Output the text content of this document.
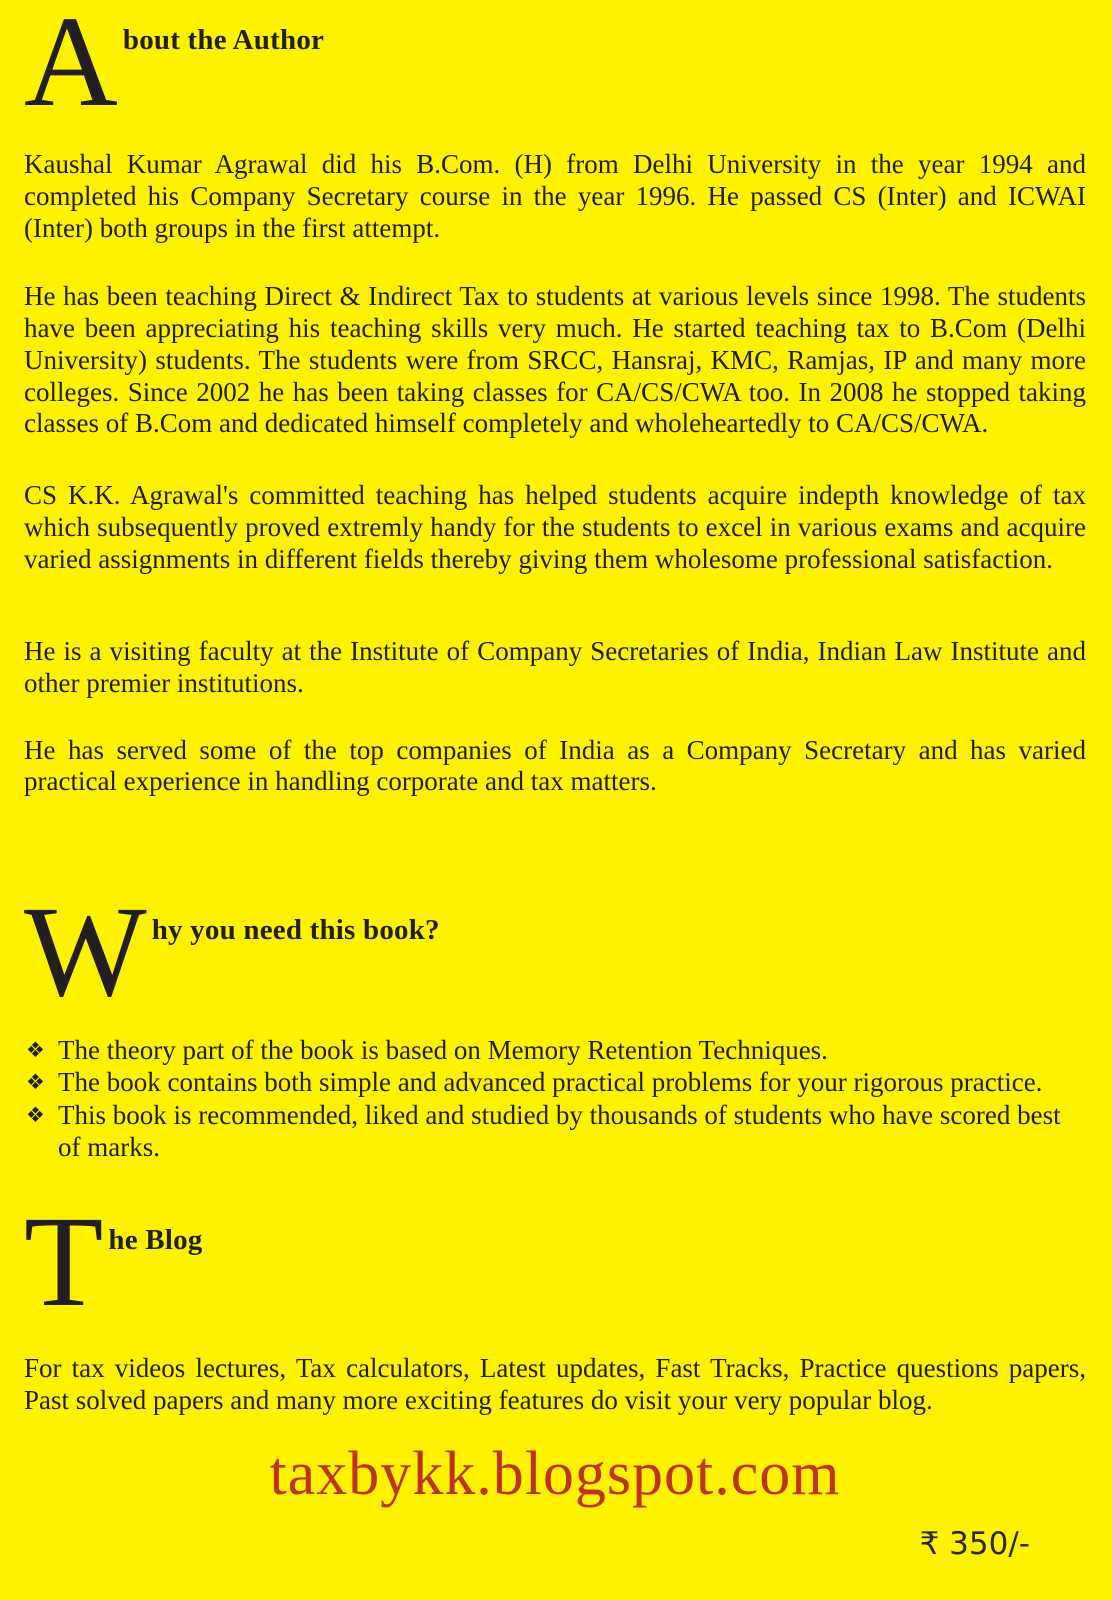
A bout the Author

Kaushal Kumar Agrawal did his B.Com. (H) from Delhi University in the year 1994 and completed his Company Secretary course in the year 1996. He passed CS (Inter) and ICWAI (Inter) both groups in the first attempt.

He has been teaching Direct & Indirect Tax to students at various levels since 1998. The students have been appreciating his teaching skills very much. He started teaching tax to B.Com (Delhi University) students. The students were from SRCC, Hansraj, KMC, Ramjas, IP and many more colleges. Since 2002 he has been taking classes for CA/CS/CWA too. In 2008 he stopped taking classes of B.Com and dedicated himself completely and wholeheartedly to CA/CS/CWA.

CS K.K. Agrawal's committed teaching has helped students acquire indepth knowledge of tax which subsequently proved extremly handy for the students to excel in various exams and acquire varied assignments in different fields thereby giving them wholesome professional satisfaction.

He is a visiting faculty at the Institute of Company Secretaries of India, Indian Law Institute and other premier institutions.

He has served some of the top companies of India as a Company Secretary and has varied practical experience in handling corporate and tax matters.

W hy you need this book?
❖ The theory part of the book is based on Memory Retention Techniques.
❖ The book contains both simple and advanced practical problems for your rigorous practice.
❖ This book is recommended, liked and studied by thousands of students who have scored best of marks.
T he Blog

For tax videos lectures, Tax calculators, Latest updates, Fast Tracks, Practice questions papers, Past solved papers and many more exciting features do visit your very popular blog.

taxbykk.blogspot.com
₹ 350/-
